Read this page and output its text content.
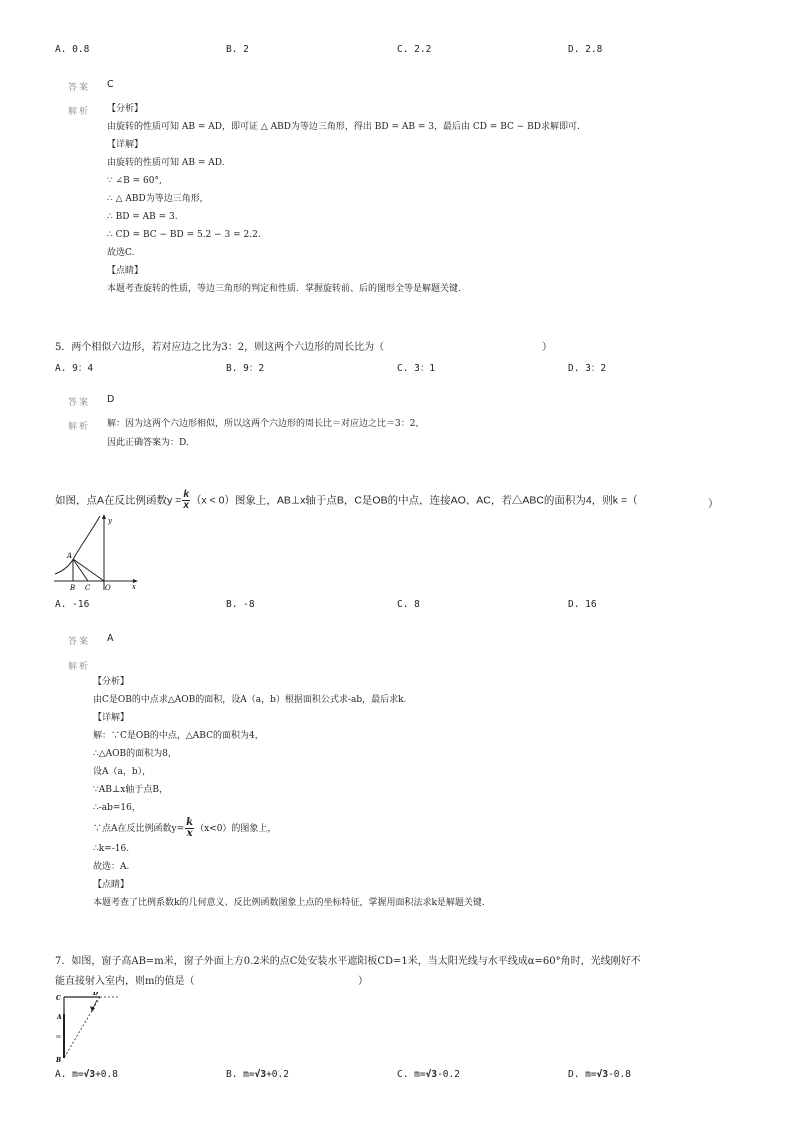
A. 0.8	B. 2	C. 2.2	D. 2.8
答案 C
解析 【分析】
由旋转的性质可知 AB = AD，即可证 △ ABD为等边三角形，得出 BD = AB = 3，最后由 CD = BC − BD求解即可.
【详解】
由旋转的性质可知 AB = AD.
∵ ∠B = 60°,
∴ △ ABD为等边三角形,
∴ BD = AB = 3.
∴ CD = BC − BD = 5.2 − 3 = 2.2.
故选C.
【点睛】
本题考查旋转的性质，等边三角形的判定和性质．掌握旋转前、后的图形全等是解题关键.
5．两个相似六边形，若对应边之比为3：2，则这两个六边形的周长比为（	）
A. 9：4	B. 9：2	C. 3：1	D. 3：2
答案 D
解析 解：因为这两个六边形相似，所以这两个六边形的周长比＝对应边之比＝3：2，
因此正确答案为：D.
如图，点A在反比例函数$y = \frac{k}{x} (x < 0)$图象上，AB⊥x轴于点B，C是OB的中点，连接AO、AC，若△ABC的面积为4，则k =（	）
y
A
B C O	x
A. -16	B. -8	C. 8	D. 16
答案 A
解析
【分析】
由C是OB的中点求△AOB的面积，设A（a，b）根据面积公式求-ab，最后求k.
【详解】
解：∵C是OB的中点，△ABC的面积为4，
∴△AOB的面积为8，
设A（a，b），
∵AB⊥x轴于点B，
∴-ab=16，
∵点A在反比例函数$y= \frac{k}{x} (x<0)$的图象上，
∴k=-16.
故选：A.
【点睛】
本题考查了比例系数k的几何意义、反比例函数图象上点的坐标特征，掌握用面积法求k是解题关键.
7．如图，窗子高AB=m米，窗子外面上方0.2米的点C处安装水平遮阳板CD=1米，当太阳光线与水平线成α=60°角时，光线刚好不
能直接射入室内，则m的值是（	）
C
D
A
m
B
A. m=√3+0.8	B. m=√3+0.2	C. m=√3-0.2	D. m=√3-0.8
